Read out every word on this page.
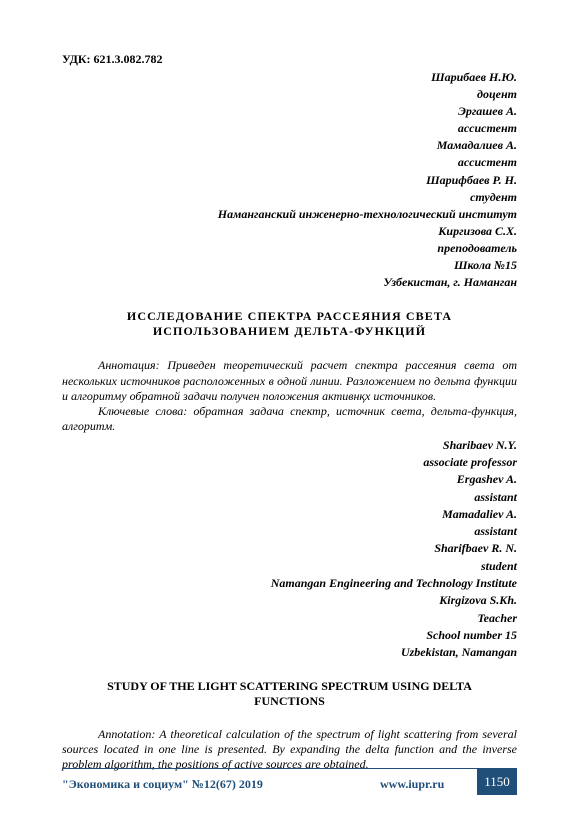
УДК: 621.3.082.782
Шарибаев Н.Ю.
доцент
Эргашев А.
ассистент
Мамадалиев А.
ассистент
Шарифбаев Р. Н.
студент
Наманганский инженерно-технологический институт
Киргизова С.Х.
преподователь
Школа №15
Узбекистан, г. Наманган
ИССЛЕДОВАНИЕ СПЕКТРА РАССЕЯНИЯ СВЕТА
ИСПОЛЬЗОВАНИЕМ ДЕЛЬТА-ФУНКЦИЙ

Аннотация: Приведен теоретический расчет спектра рассеяния света от нескольких источников расположенных в одной линии. Разложением по дельта функции и алгоритму обратной задачи получен положения активнқх источников.

Ключевые слова: обратная задача спектр, источник света, дельта-функция, алгоритм.

Sharibaev N.Y.
associate professor
Ergashev A.
assistant
Mamadaliev A.
assistant
Sharifbaev R. N.
student
Namangan Engineering and Technology Institute
Kirgizova S.Kh.
Teacher
School number 15
Uzbekistan, Namangan
STUDY OF THE LIGHT SCATTERING SPECTRUM USING DELTA
FUNCTIONS

Annotation: A theoretical calculation of the spectrum of light scattering from several sources located in one line is presented. By expanding the delta function and the inverse problem algorithm, the positions of active sources are obtained.

"Экономика и социум" №12(67) 2019	www.iupr.ru	1150
